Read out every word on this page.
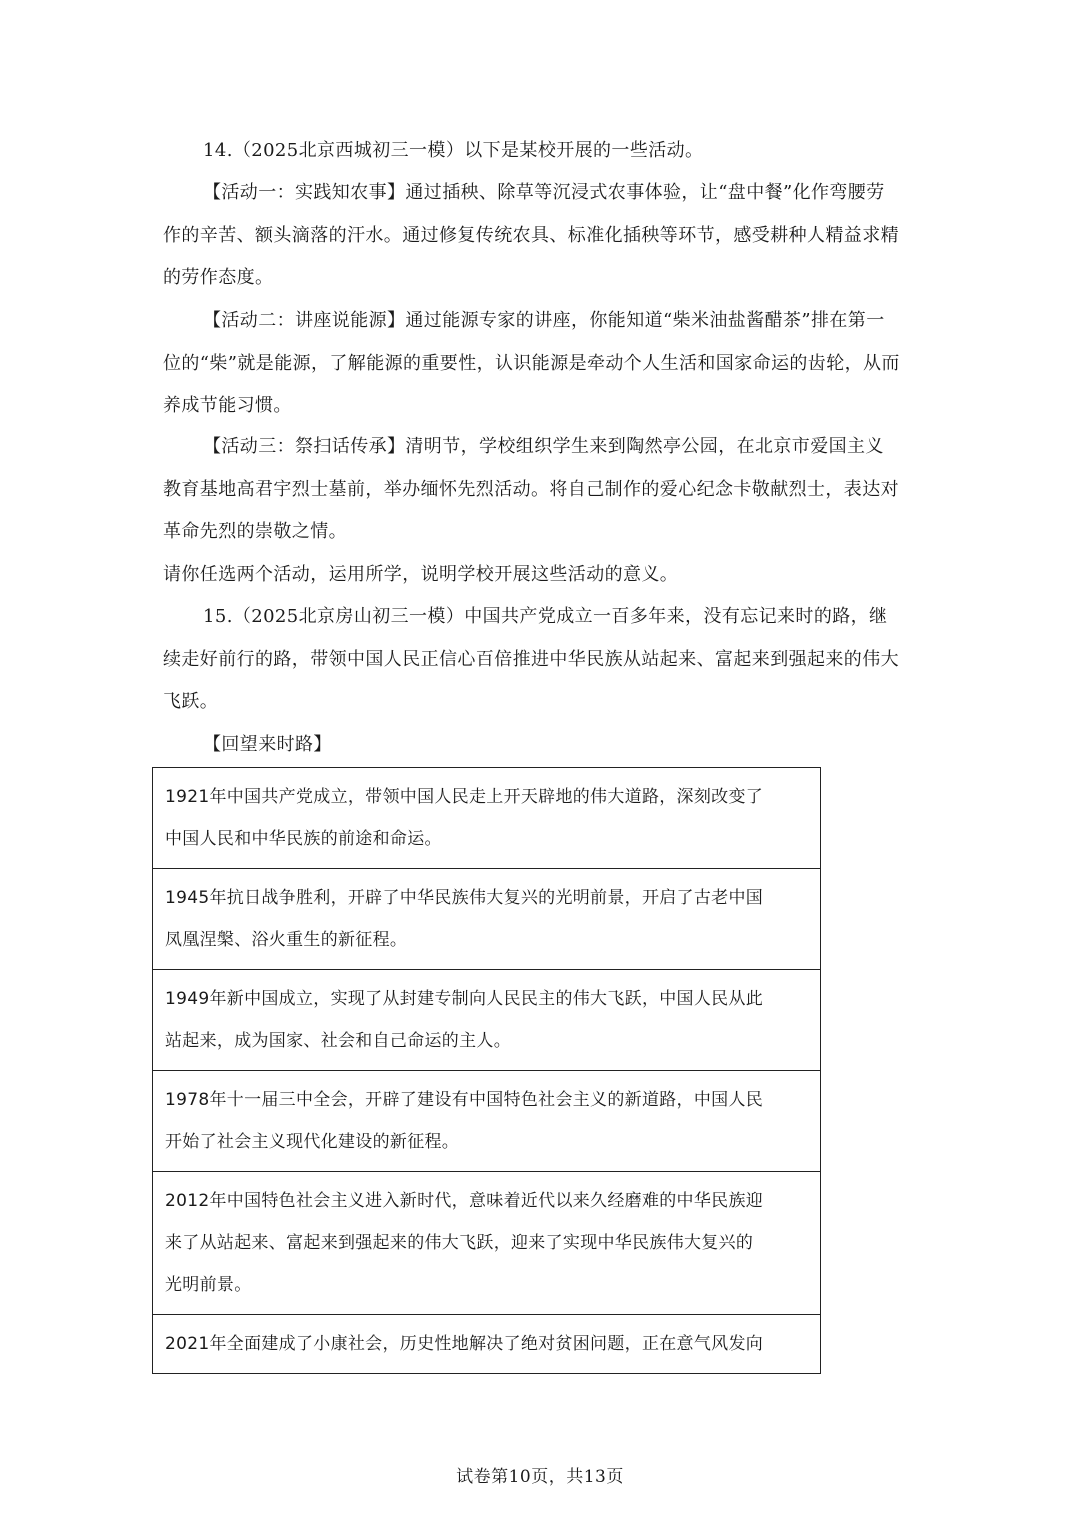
14.（2025北京西城初三一模）以下是某校开展的一些活动。
【活动一：实践知农事】通过插秧、除草等沉浸式农事体验，让“盘中餐”化作弯腰劳
作的辛苦、额头滴落的汗水。通过修复传统农具、标准化插秧等环节，感受耕种人精益求精
的劳作态度。
【活动二：讲座说能源】通过能源专家的讲座，你能知道“柴米油盐酱醋茶”排在第一
位的“柴”就是能源，了解能源的重要性，认识能源是牵动个人生活和国家命运的齿轮，从而
养成节能习惯。
【活动三：祭扫话传承】清明节，学校组织学生来到陶然亭公园，在北京市爱国主义
教育基地高君宇烈士墓前，举办缅怀先烈活动。将自己制作的爱心纪念卡敬献烈士，表达对
革命先烈的崇敬之情。
请你任选两个活动，运用所学，说明学校开展这些活动的意义。
15.（2025北京房山初三一模）中国共产党成立一百多年来，没有忘记来时的路，继
续走好前行的路，带领中国人民正信心百倍推进中华民族从站起来、富起来到强起来的伟大
飞跃。
【回望来时路】
1921年中国共产党成立，带领中国人民走上开天辟地的伟大道路，深刻改变了
中国人民和中华民族的前途和命运。

1945年抗日战争胜利，开辟了中华民族伟大复兴的光明前景，开启了古老中国
凤凰涅槃、浴火重生的新征程。

1949年新中国成立，实现了从封建专制向人民民主的伟大飞跃，中国人民从此
站起来，成为国家、社会和自己命运的主人。

1978年十一届三中全会，开辟了建设有中国特色社会主义的新道路，中国人民
开始了社会主义现代化建设的新征程。

2012年中国特色社会主义进入新时代，意味着近代以来久经磨难的中华民族迎
来了从站起来、富起来到强起来的伟大飞跃，迎来了实现中华民族伟大复兴的
光明前景。

2021年全面建成了小康社会，历史性地解决了绝对贫困问题，正在意气风发向
试卷第10页，共13页
